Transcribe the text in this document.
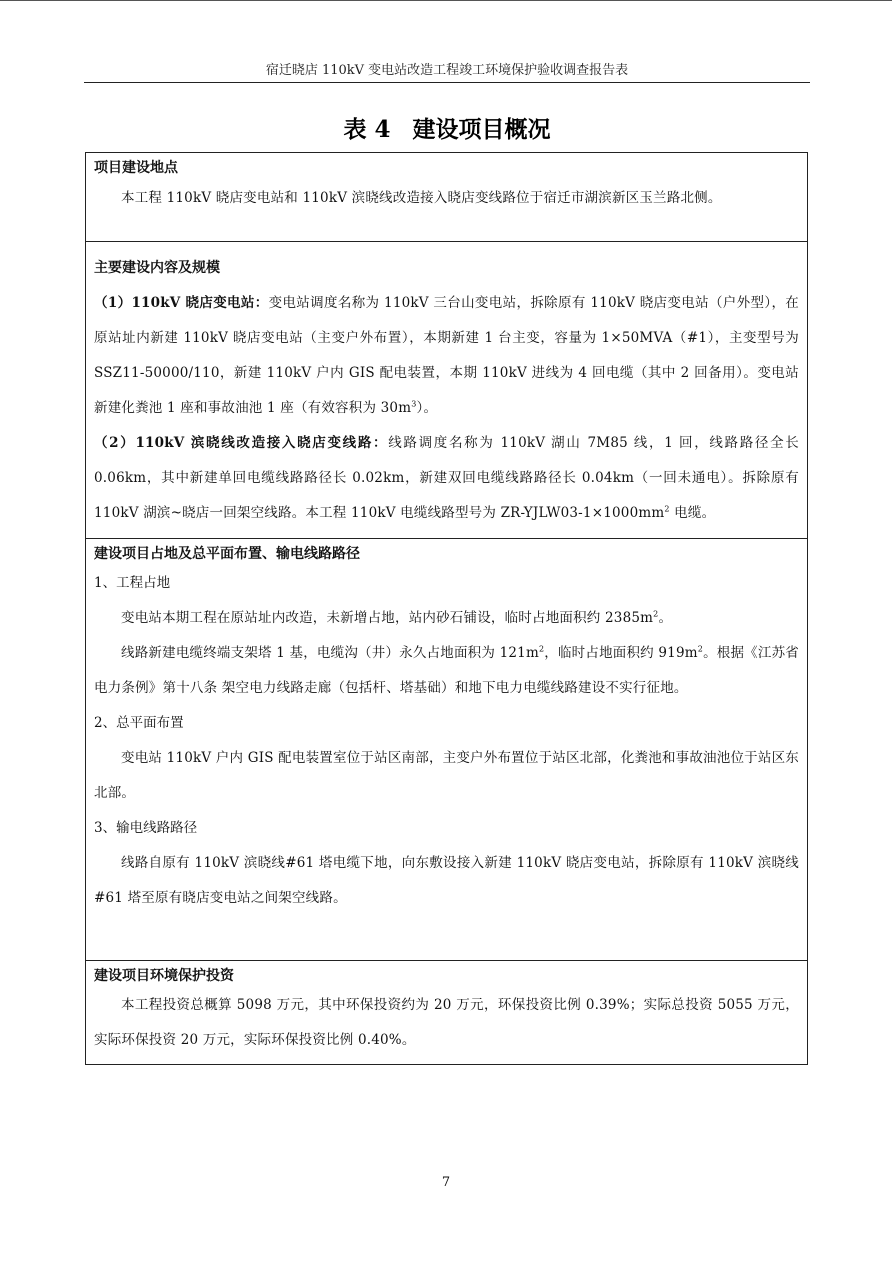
宿迁晓店 110kV 变电站改造工程竣工环境保护验收调查报告表
表 4 建设项目概况

项目建设地点

本工程 110kV 晓店变电站和 110kV 滨晓线改造接入晓店变线路位于宿迁市湖滨新区玉兰路北侧。

主要建设内容及规模

（1）110kV 晓店变电站：变电站调度名称为 110kV 三台山变电站，拆除原有 110kV 晓店变电站（户外型），在原站址内新建 110kV 晓店变电站（主变户外布置），本期新建 1 台主变，容量为 1×50MVA（#1），主变型号为 SSZ11-50000/110，新建 110kV 户内 GIS 配电装置，本期 110kV 进线为 4 回电缆（其中 2 回备用）。变电站新建化粪池 1 座和事故油池 1 座（有效容积为 $30m^3$）。

（2）110kV 滨晓线改造接入晓店变线路：线路调度名称为 110kV 湖山 7M85 线，1 回，线路路径全长 0.06km，其中新建单回电缆线路路径长 0.02km，新建双回电缆线路路径长 0.04km（一回未通电）。拆除原有 110kV 湖滨~晓店一回架空线路。本工程 110kV 电缆线路型号为 $ZR-YJLW03-1\times 1000mm^2$ 电缆。

建设项目占地及总平面布置、输电线路路径

1、工程占地

变电站本期工程在原站址内改造，未新增占地，站内砂石铺设，临时占地面积约 $2385m^2$。

线路新建电缆终端支架塔 1 基，电缆沟（井）永久占地面积为 $121m^2$，临时占地面积约 $919m^2$。根据《江苏省电力条例》第十八条 架空电力线路走廊（包括杆、塔基础）和地下电力电缆线路建设不实行征地。

2、总平面布置

变电站 110kV 户内 GIS 配电装置室位于站区南部，主变户外布置位于站区北部，化粪池和事故油池位于站区东北部。

3、输电线路路径

线路自原有 110kV 滨晓线#61 塔电缆下地，向东敷设接入新建 110kV 晓店变电站，拆除原有 110kV 滨晓线#61 塔至原有晓店变电站之间架空线路。

建设项目环境保护投资

本工程投资总概算 5098 万元，其中环保投资约为 20 万元，环保投资比例 0.39%；实际总投资 5055 万元，实际环保投资 20 万元，实际环保投资比例 0.40%。

7
